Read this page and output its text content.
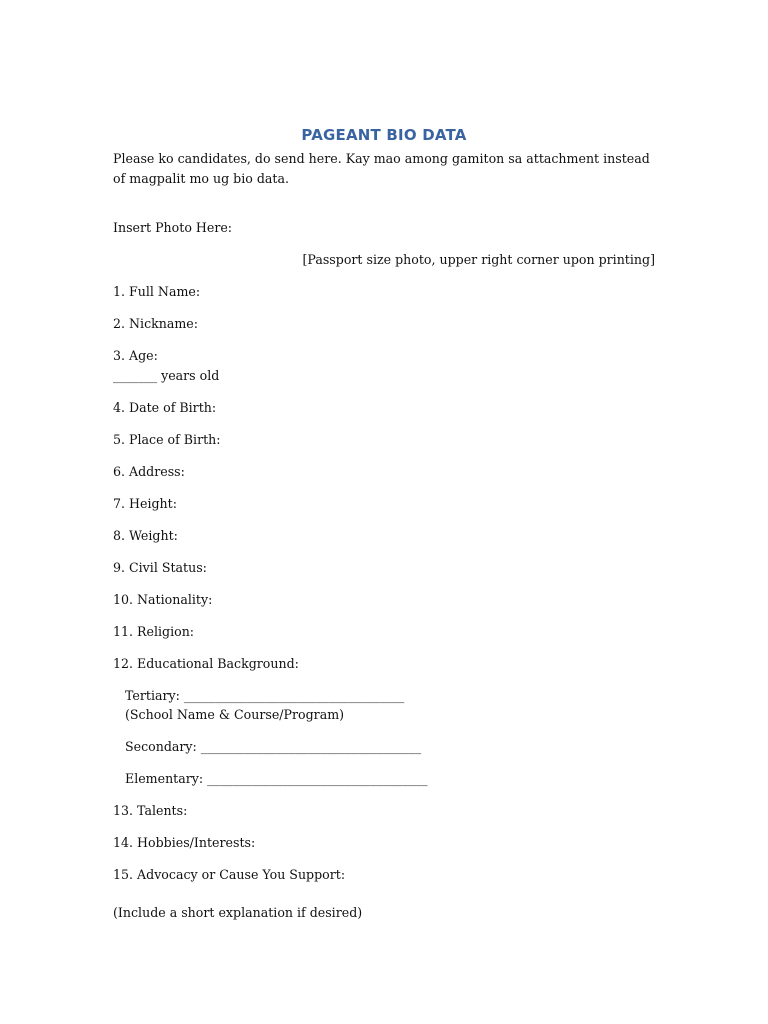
PAGEANT BIO DATA
Please ko candidates, do send here. Kay mao among gamiton sa attachment instead of magpalit mo ug bio data.
Insert Photo Here:
[Passport size photo, upper right corner upon printing]
1. Full Name:
2. Nickname:
3. Age:
_______ years old
4. Date of Birth:
5. Place of Birth:
6. Address:
7. Height:
8. Weight:
9. Civil Status:
10. Nationality:
11. Religion:
12. Educational Background:
Tertiary: ___________________________________
(School Name & Course/Program)
Secondary: ___________________________________
Elementary: ___________________________________
13. Talents:
14. Hobbies/Interests:
15. Advocacy or Cause You Support:
(Include a short explanation if desired)
